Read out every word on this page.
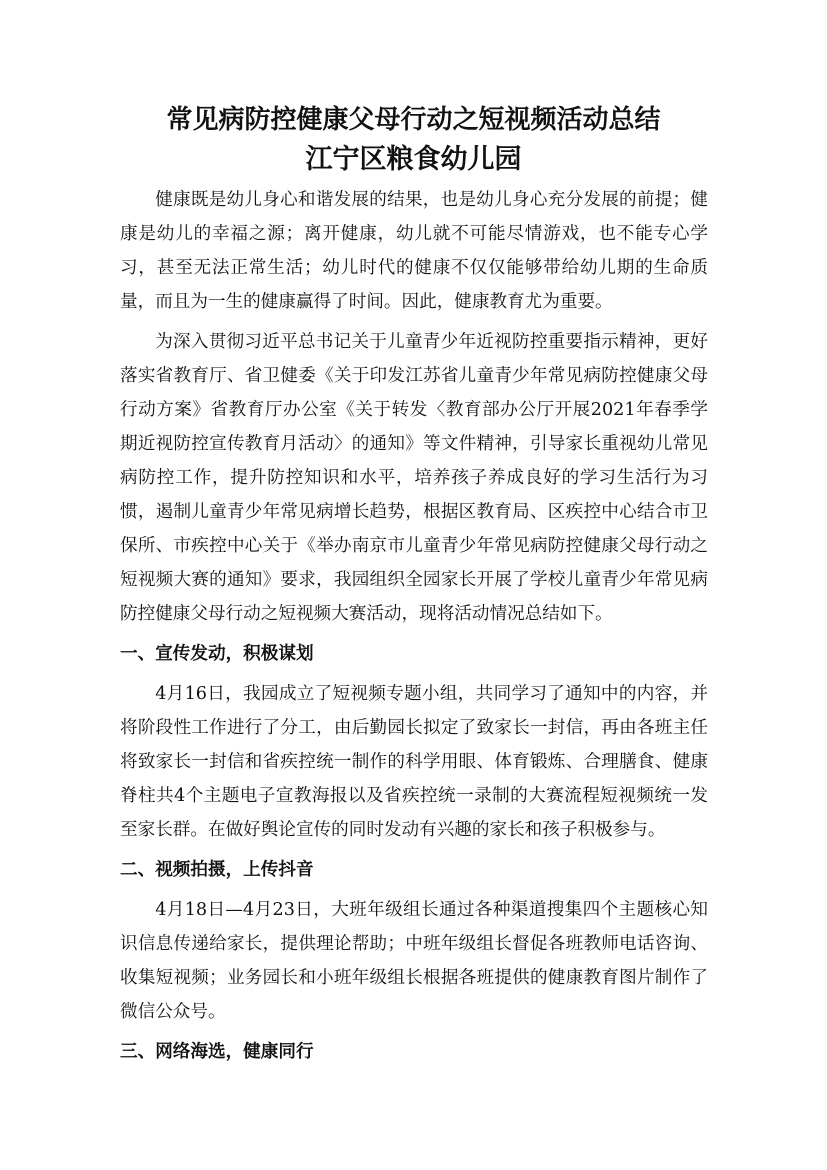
常见病防控健康父母行动之短视频活动总结
江宁区粮食幼儿园

健康既是幼儿身心和谐发展的结果，也是幼儿身心充分发展的前提；健康是幼儿的幸福之源；离开健康，幼儿就不可能尽情游戏，也不能专心学习，甚至无法正常生活；幼儿时代的健康不仅仅能够带给幼儿期的生命质量，而且为一生的健康赢得了时间。因此，健康教育尤为重要。

为深入贯彻习近平总书记关于儿童青少年近视防控重要指示精神，更好落实省教育厅、省卫健委《关于印发江苏省儿童青少年常见病防控健康父母行动方案》省教育厅办公室《关于转发〈教育部办公厅开展2021年春季学期近视防控宣传教育月活动〉的通知》等文件精神，引导家长重视幼儿常见病防控工作，提升防控知识和水平，培养孩子养成良好的学习生活行为习惯，遏制儿童青少年常见病增长趋势，根据区教育局、区疾控中心结合市卫保所、市疾控中心关于《举办南京市儿童青少年常见病防控健康父母行动之短视频大赛的通知》要求，我园组织全园家长开展了学校儿童青少年常见病防控健康父母行动之短视频大赛活动，现将活动情况总结如下。

一、宣传发动，积极谋划

4月16日，我园成立了短视频专题小组，共同学习了通知中的内容，并将阶段性工作进行了分工，由后勤园长拟定了致家长一封信，再由各班主任将致家长一封信和省疾控统一制作的科学用眼、体育锻炼、合理膳食、健康脊柱共4个主题电子宣教海报以及省疾控统一录制的大赛流程短视频统一发至家长群。在做好舆论宣传的同时发动有兴趣的家长和孩子积极参与。

二、视频拍摄，上传抖音

4月18日—4月23日，大班年级组长通过各种渠道搜集四个主题核心知识信息传递给家长，提供理论帮助；中班年级组长督促各班教师电话咨询、收集短视频；业务园长和小班年级组长根据各班提供的健康教育图片制作了微信公众号。

三、网络海选，健康同行
